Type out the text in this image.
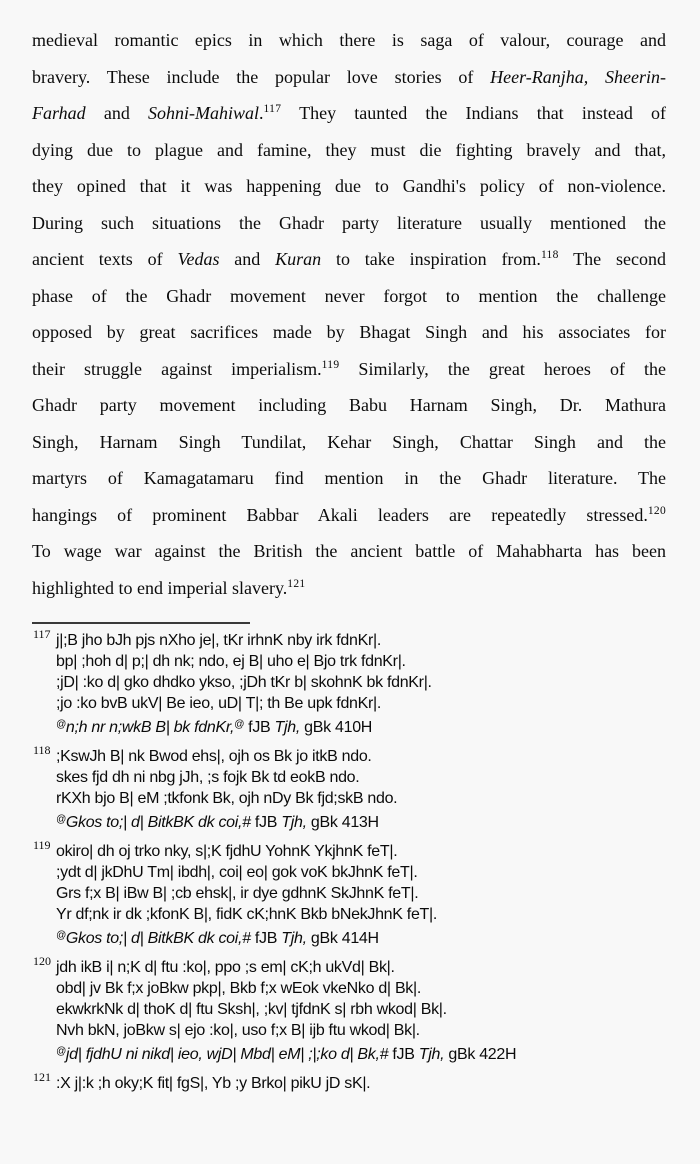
medieval romantic epics in which there is saga of valour, courage and
bravery. These include the popular love stories of Heer-Ranjha, Sheerin-
Farhad and Sohni-Mahiwal.$^{117}$ They taunted the Indians that instead of
dying due to plague and famine, they must die fighting bravely and that,
they opined that it was happening due to Gandhi's policy of non-violence.
During such situations the Ghadr party literature usually mentioned the
ancient texts of Vedas and Kuran to take inspiration from.$^{118}$ The second
phase of the Ghadr movement never forgot to mention the challenge
opposed by great sacrifices made by Bhagat Singh and his associates for
their struggle against imperialism.$^{119}$ Similarly, the great heroes of the
Ghadr party movement including Babu Harnam Singh, Dr. Mathura
Singh, Harnam Singh Tundilat, Kehar Singh, Chattar Singh and the
martyrs of Kamagatamaru find mention in the Ghadr literature. The
hangings of prominent Babbar Akali leaders are repeatedly stressed.$^{120}$
To wage war against the British the ancient battle of Mahabharta has been
highlighted to end imperial slavery.$^{121}$
117 j|;B jho bJh pjs nXho je|, tKr irhnK nby irk fdnKr|.
bp| ;hoh d| p;| dh nk; ndo, ej B| uho e| Bjo trk fdnKr|.
;jD| :ko d| gko dhdko ykso, ;jDh tKr b| skohnK bk fdnKr|.
;jo :ko bvB ukV| Be ieo, uD| T|; th Be upk fdnKr|.
@n;h nr n;wkB B| bk fdnKr,@ fJB Tjh, gBk 410H
118 ;KswJh B| nk Bwod ehs|, ojh os Bk jo itkB ndo.
skes fjd dh ni nbg jJh, ;s fojk Bk td eokB ndo.
rKXh bjo B| eM ;tkfonk Bk, ojh nDy Bk fjd;skB ndo.
@Gkos to;| d| BitkBK dk coi,# fJB Tjh, gBk 413H
119 okiro| dh oj trko nky, s|;K fjdhU YohnK YkjhnK feT|.
;ydt d| jkDhU Tm| ibdh|, coi| eo| gok voK bkJhnK feT|.
Grs f;x B| iBw B| ;cb ehsk|, ir dye gdhnK SkJhnK feT|.
Yr df;nk ir dk ;kfonK B|, fidK cK;hnK Bkb bNekJhnK feT|.
@Gkos to;| d| BitkBK dk coi,# fJB Tjh, gBk 414H
120 jdh ikB i| n;K d| ftu :ko|, ppo ;s em| cK;h ukVd| Bk|.
obd| jv Bk f;x joBkw pkp|, Bkb f;x wEok vkeNko d| Bk|.
ekwkrkNk d| thoK d| ftu Sksh|, ;kv| tjfdnK s| rbh wkod| Bk|.
Nvh bkN, joBkw s| ejo :ko|, uso f;x B| ijb ftu wkod| Bk|.
@jd| fjdhU ni nikd| ieo, wjD| Mbd| eM| ;|;ko d| Bk,# fJB Tjh, gBk 422H
121 :X j|:k ;h oky;K fit| fgS|, Yb ;y Brko| pikU jD sK|.
